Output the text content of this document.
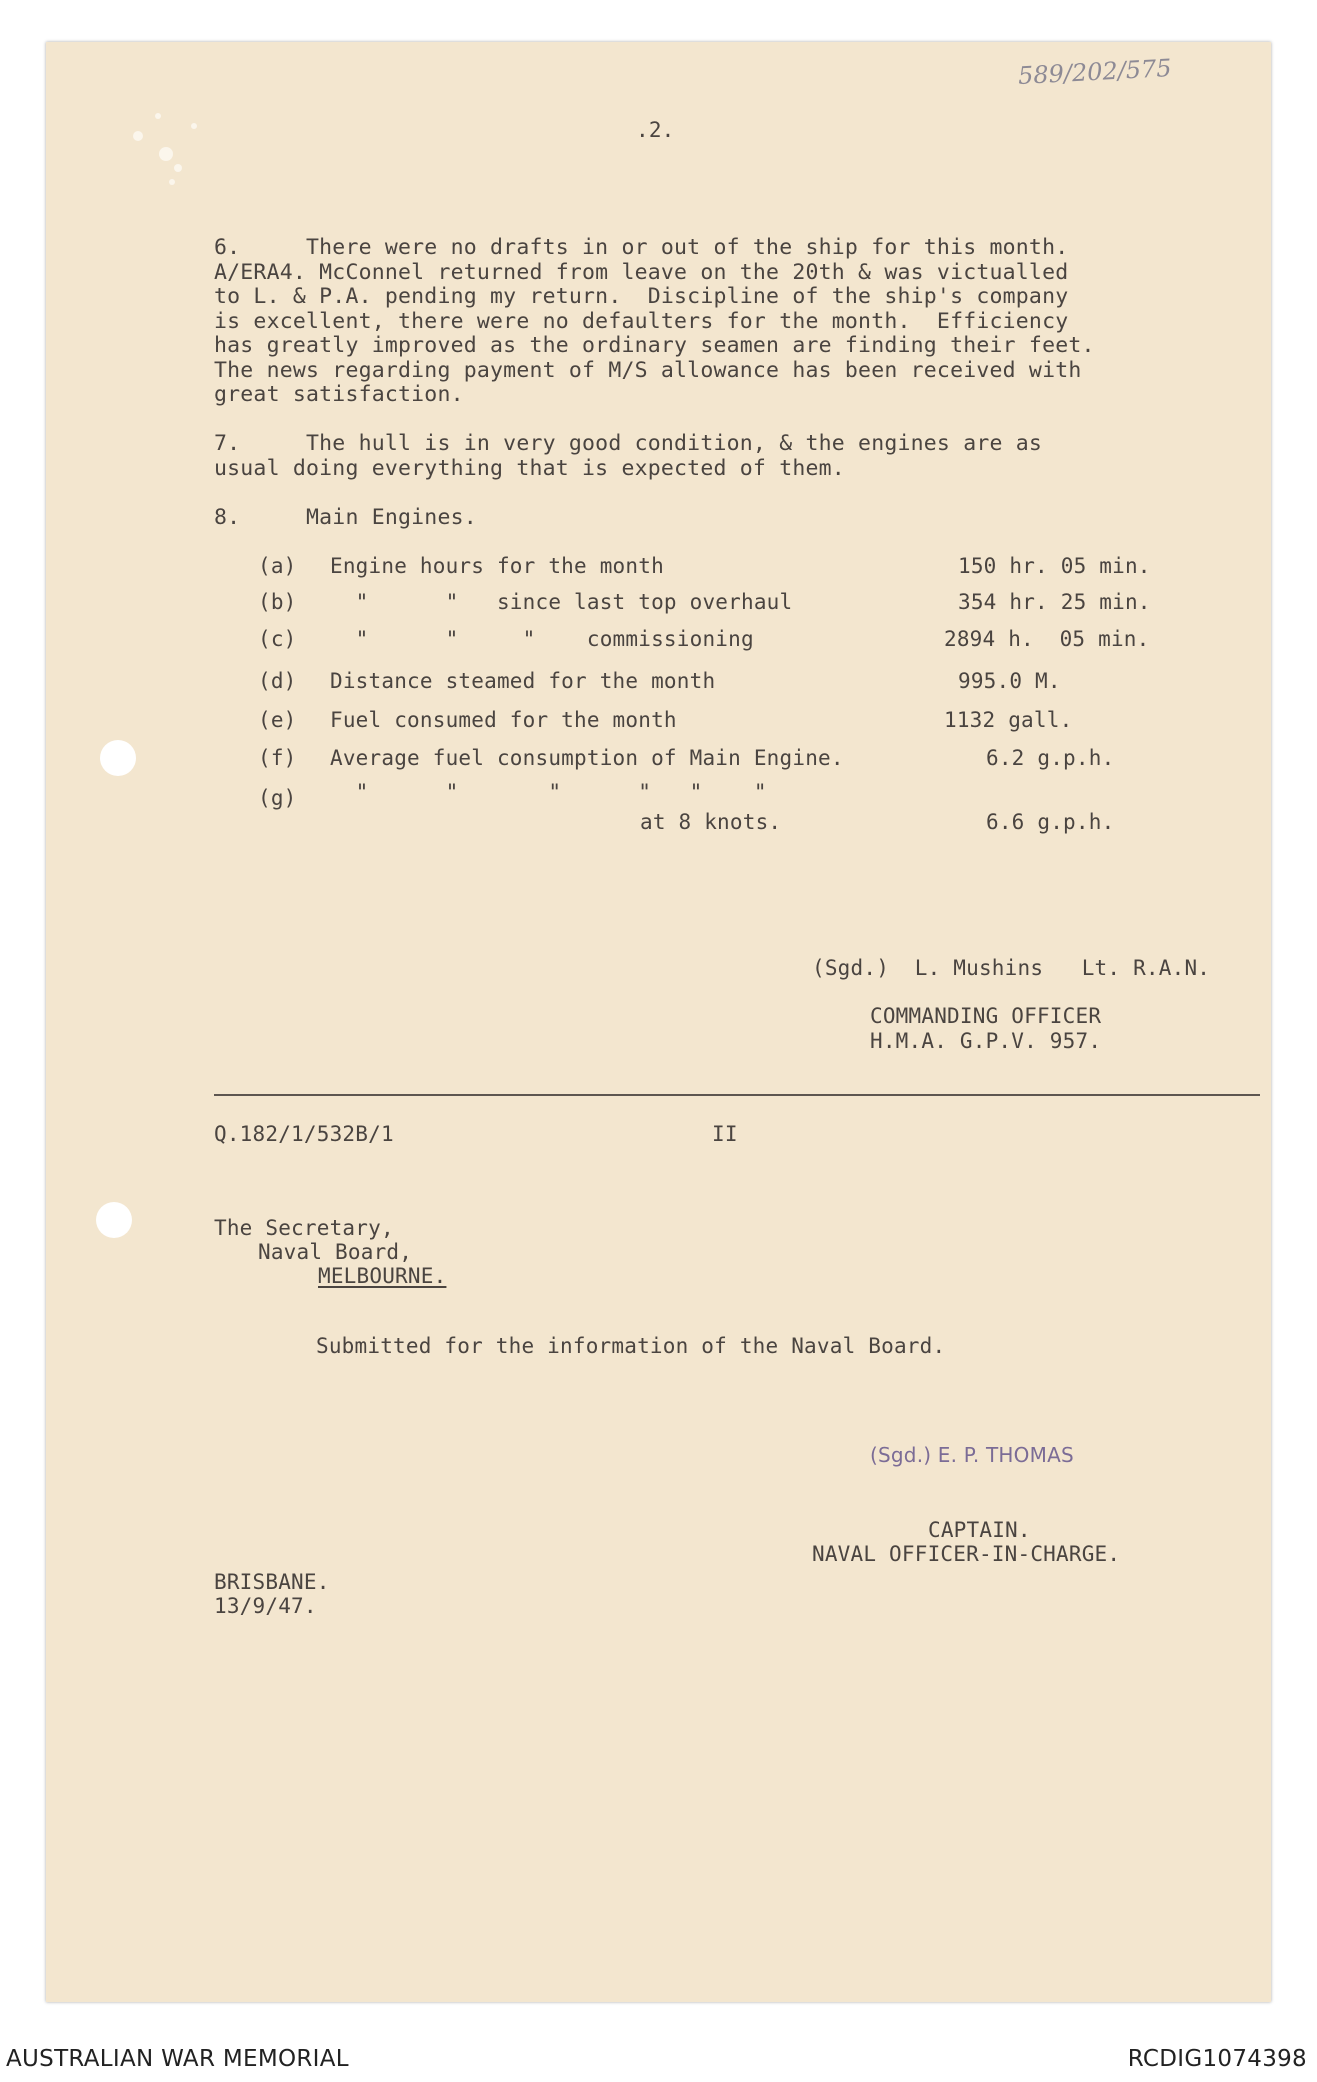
589/202/575
.2.
6.     There were no drafts in or out of the ship for this month.
A/ERA4. McConnel returned from leave on the 20th & was victualled
to L. & P.A. pending my return.  Discipline of the ship's company
is excellent, there were no defaulters for the month.  Efficiency
has greatly improved as the ordinary seamen are finding their feet.
The news regarding payment of M/S allowance has been received with
great satisfaction.
7.     The hull is in very good condition, & the engines are as
usual doing everything that is expected of them.
8.     Main Engines.
(a)	Engine hours for the month	150 hr. 05 min.
(b)	"      "   since last top overhaul	354 hr. 25 min.
(c)	"      "     "    commissioning	2894 h.  05 min.
(d)	Distance steamed for the month	995.0 M.
(e)	Fuel consumed for the month	1132 gall.
(f)	Average fuel consumption of Main Engine.	6.2 g.p.h.
(g)	"      "       "      "   "    "
at 8 knots.	6.6 g.p.h.
(Sgd.)  L. Mushins   Lt. R.A.N.
COMMANDING OFFICER
H.M.A. G.P.V. 957.
Q.182/1/532B/1	II
The Secretary,
Naval Board,
MELBOURNE.
Submitted for the information of the Naval Board.
(Sgd.) E. P. THOMAS
CAPTAIN.
NAVAL OFFICER-IN-CHARGE.
BRISBANE.
13/9/47.
AUSTRALIAN WAR MEMORIAL	RCDIG1074398
